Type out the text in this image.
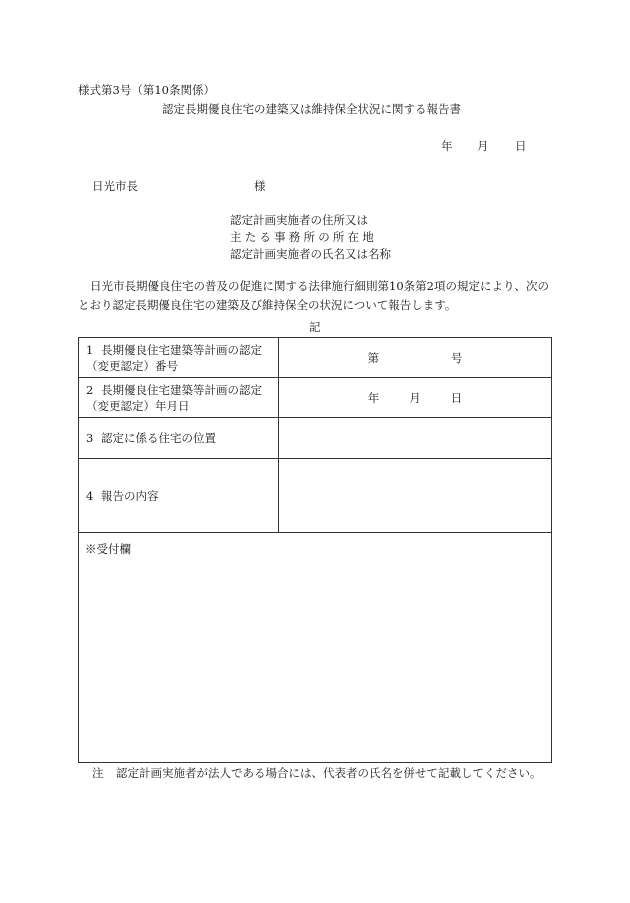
様式第3号（第10条関係）
認定長期優良住宅の建築又は維持保全状況に関する報告書
年 月 日
日光市長	様
認定計画実施者の住所又は
主たる事務所の所在地
認定計画実施者の氏名又は名称
日光市長期優良住宅の普及の促進に関する法律施行細則第10条第2項の規定により、次のとおり認定長期優良住宅の建築及び維持保全の状況について報告します。
記
1 長期優良住宅建築等計画の認定
（変更認定）番号	第 号

2 長期優良住宅建築等計画の認定
（変更認定）年月日	年 月 日
3 認定に係る住宅の位置	
4 報告の内容	
※受付欄	
注 認定計画実施者が法人である場合には、代表者の氏名を併せて記載してください。
